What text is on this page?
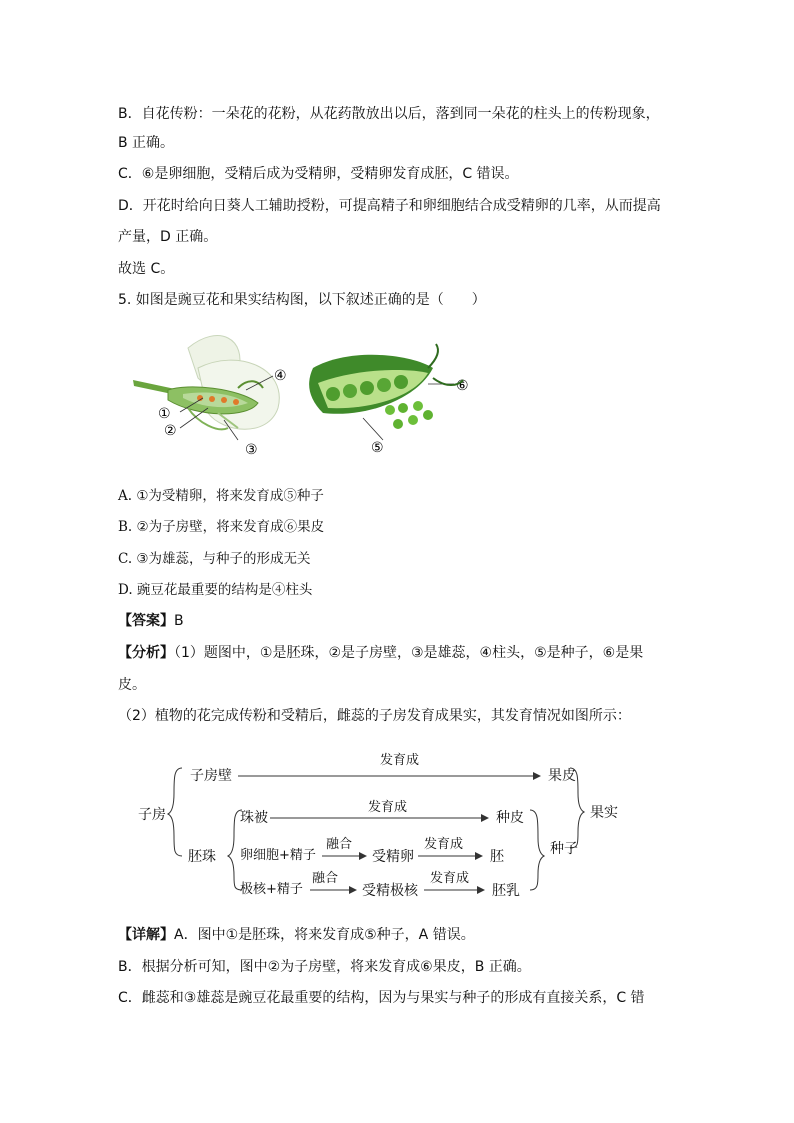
B．自花传粉：一朵花的花粉，从花药散放出以后，落到同一朵花的柱头上的传粉现象，
B 正确。
C．⑥是卵细胞，受精后成为受精卵，受精卵发育成胚，C 错误。
D．开花时给向日葵人工辅助授粉，可提高精子和卵细胞结合成受精卵的几率，从而提高
产量，D 正确。
故选 C。
5. 如图是豌豆花和果实结构图，以下叙述正确的是（　　）
①
②
③
④
⑤
⑥
A. ①为受精卵，将来发育成⑤种子
B. ②为子房壁，将来发育成⑥果皮
C. ③为雄蕊，与种子的形成无关
D. 豌豆花最重要的结构是④柱头
【答案】B
【分析】（1）题图中，①是胚珠，②是子房壁，③是雄蕊，④柱头，⑤是种子，⑥是果
皮。
（2）植物的花完成传粉和受精后，雌蕊的子房发育成果实，其发育情况如图所示：
子房
子房壁
胚珠
珠被
卵细胞+精子
极核+精子
发育成
发育成
融合	发育成
融合	发育成
受精卵
受精极核
果皮
种皮
胚
胚乳
种子
果实
【详解】A．图中①是胚珠，将来发育成⑤种子，A 错误。
B．根据分析可知，图中②为子房壁，将来发育成⑥果皮，B 正确。
C．雌蕊和③雄蕊是豌豆花最重要的结构，因为与果实与种子的形成有直接关系，C 错
